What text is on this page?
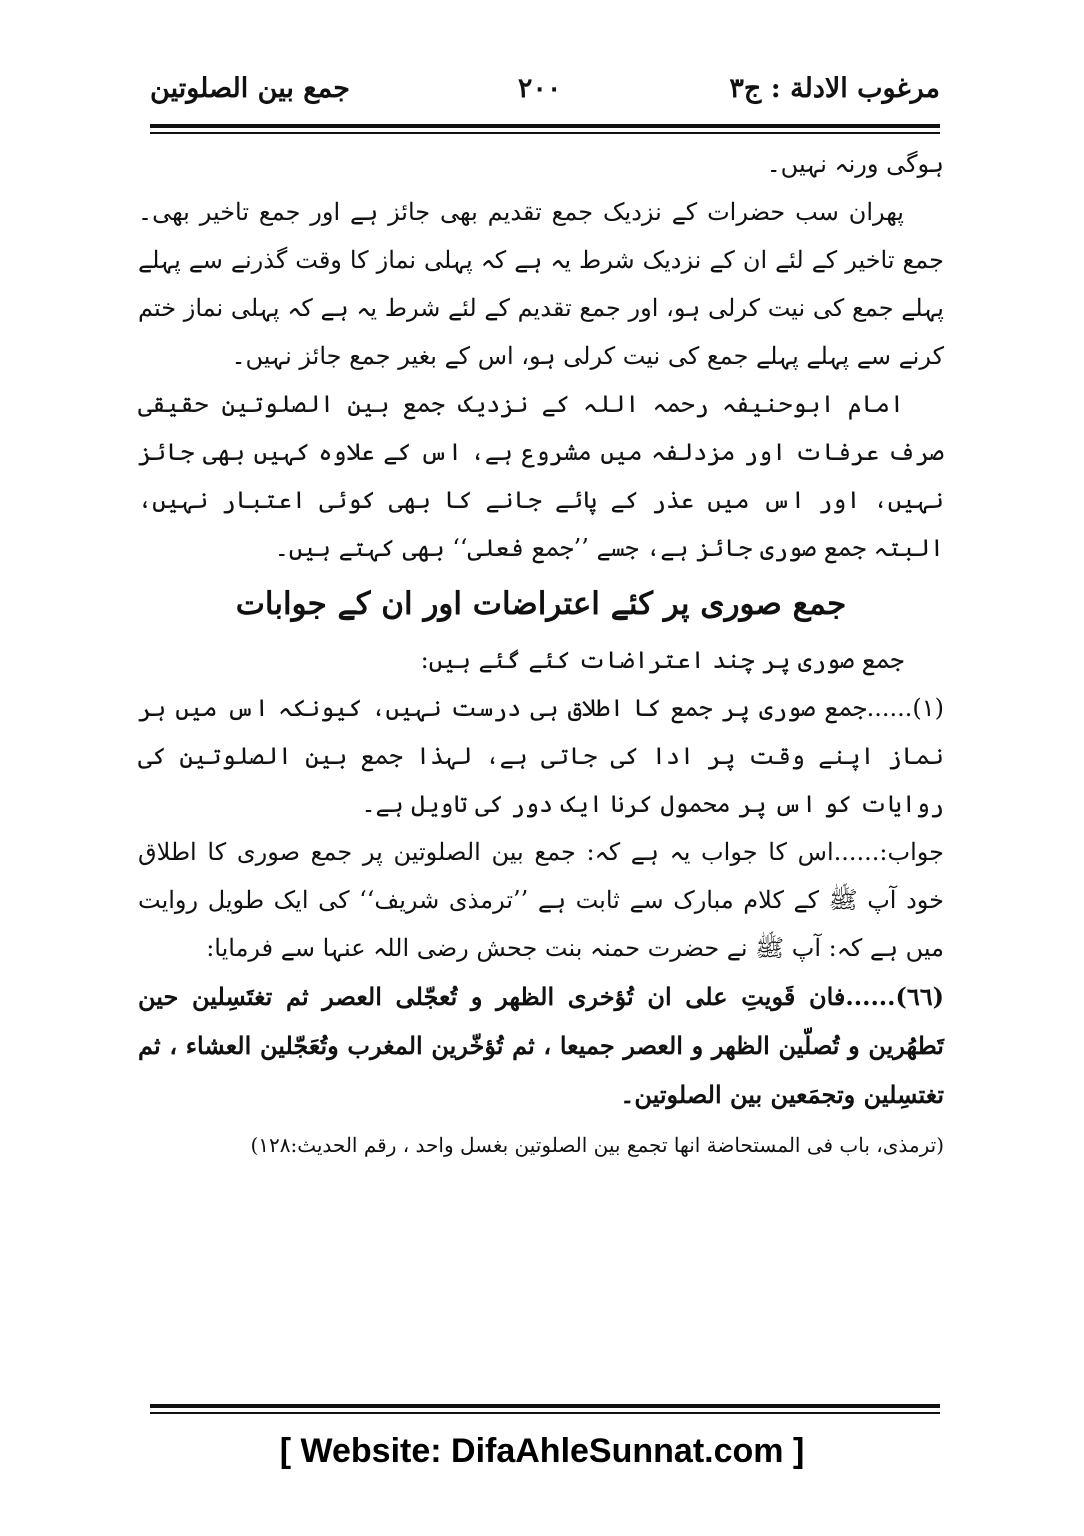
مرغوب الادلة : ج۳
۲۰۰
جمع بین الصلوتین

ہوگی ورنہ نہیں۔

پھران سب حضرات کے نزدیک جمع تقدیم بھی جائز ہے اور جمع تاخیر بھی۔ جمع تاخیر کے لئے ان کے نزدیک شرط یہ ہے کہ پہلی نماز کا وقت گذرنے سے پہلے پہلے جمع کی نیت کرلی ہو، اور جمع تقدیم کے لئے شرط یہ ہے کہ پہلی نماز ختم کرنے سے پہلے پہلے جمع کی نیت کرلی ہو، اس کے بغیر جمع جائز نہیں۔

امام ابوحنیفہ رحمہ اللہ کے نزدیک جمع بین الصلوتین حقیقی صرف عرفات اور مزدلفہ میں مشروع ہے، اس کے علاوہ کہیں بھی جائز نہیں، اور اس میں عذر کے پائے جانے کا بھی کوئی اعتبار نہیں، البتہ جمع صوری جائز ہے، جسے ’’جمع فعلی‘‘ بھی کہتے ہیں۔

جمع صوری پر کئے اعتراضات اور ان کے جوابات

جمع صوری پر چند اعتراضات کئے گئے ہیں:

(۱)......جمع صوری پر جمع کا اطلاق ہی درست نہیں، کیونکہ اس میں ہر نماز اپنے وقت پر ادا کی جاتی ہے، لہذا جمع بین الصلوتین کی روایات کو اس پر محمول کرنا ایک دور کی تاویل ہے۔

جواب:......اس کا جواب یہ ہے کہ: جمع بین الصلوتین پر جمع صوری کا اطلاق خود آپ ﷺ کے کلام مبارک سے ثابت ہے ’’ترمذی شریف‘‘ کی ایک طویل روایت میں ہے کہ: آپ ﷺ نے حضرت حمنہ بنت جحش رضی اللہ عنہا سے فرمایا:

(٦٦)......فان قَويتِ على ان تُؤخرى الظهر و تُعجّلى العصر ثم تغتَسِلين حين تَطهُرين و تُصلّين الظهر و العصر جميعا ، ثم تُؤخّرين المغرب وتُعَجّلين العشاء ، ثم تغتسِلين وتجمَعين بين الصلوتين۔

(ترمذی، باب فی المستحاضة انها تجمع بين الصلوتين بغسل واحد ، رقم الحديث:۱۲۸)

[ Website: DifaAhleSunnat.com ]
